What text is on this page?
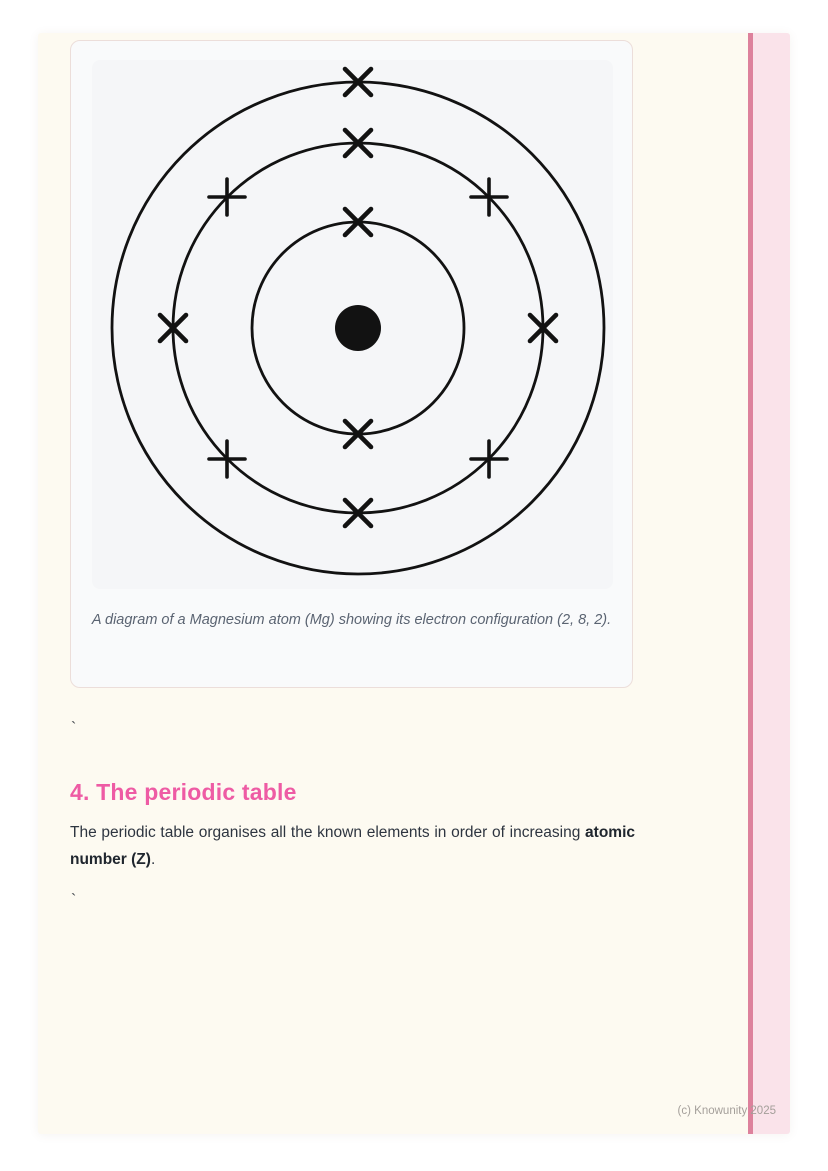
A diagram of a Magnesium atom (Mg) showing its electron configuration (2, 8, 2).
`
4. The periodic table

The periodic table organises all the known elements in order of increasing atomic number (Z).

`
(c) Knowunity 2025
